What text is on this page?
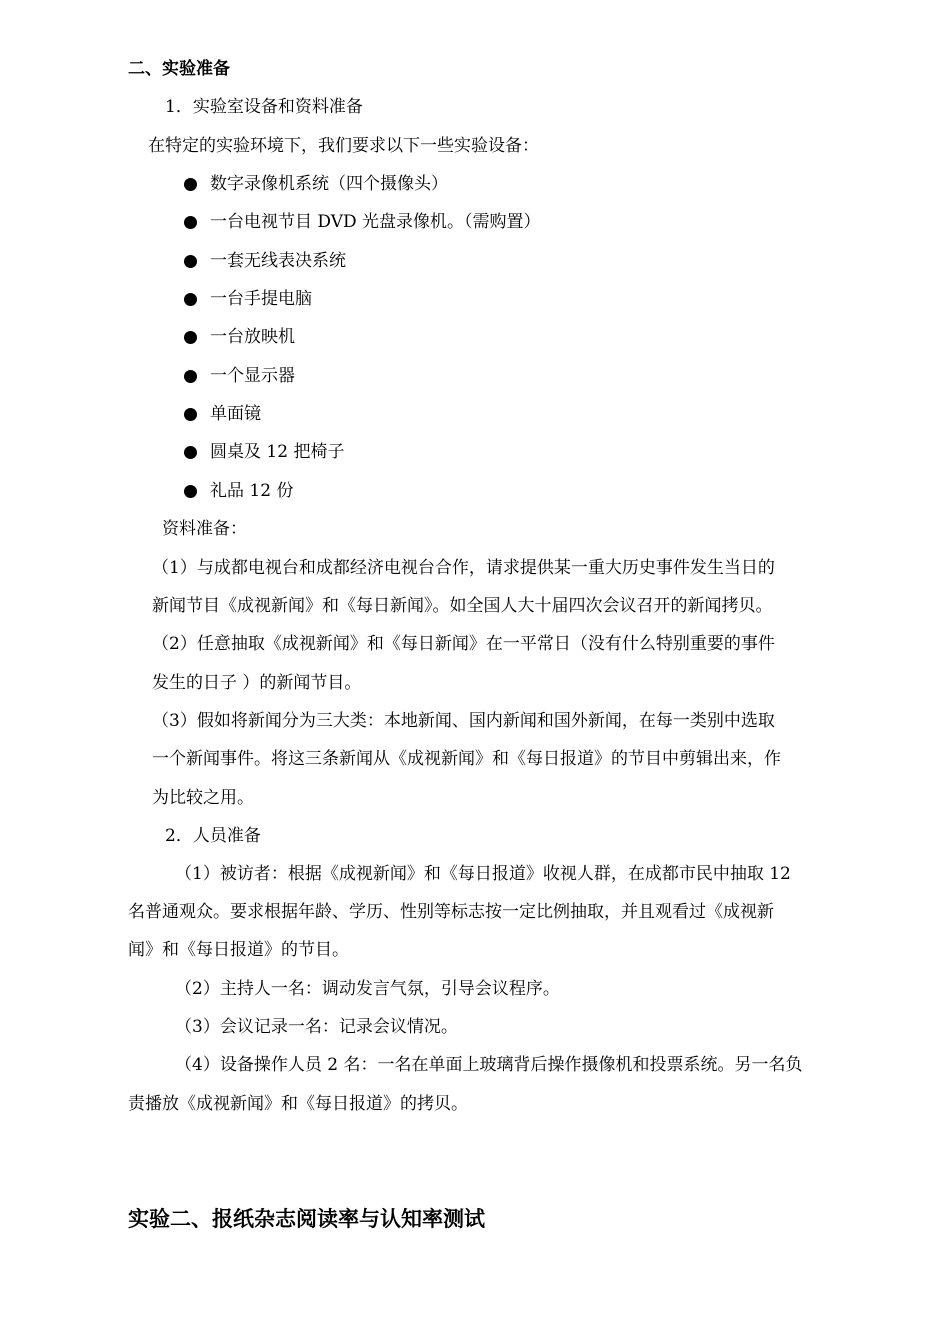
二、实验准备
1．实验室设备和资料准备
在特定的实验环境下，我们要求以下一些实验设备：
数字录像机系统（四个摄像头）
一台电视节目 DVD 光盘录像机。（需购置）
一套无线表决系统
一台手提电脑
一台放映机
一个显示器
单面镜
圆桌及 12 把椅子
礼品 12 份
资料准备：
（1）与成都电视台和成都经济电视台合作，请求提供某一重大历史事件发生当日的
新闻节目《成视新闻》和《每日新闻》。如全国人大十届四次会议召开的新闻拷贝。
（2）任意抽取《成视新闻》和《每日新闻》在一平常日（没有什么特别重要的事件
发生的日子 ）的新闻节目。
（3）假如将新闻分为三大类：本地新闻、国内新闻和国外新闻，在每一类别中选取
一个新闻事件。将这三条新闻从《成视新闻》和《每日报道》的节目中剪辑出来，作
为比较之用。
2．人员准备
（1）被访者：根据《成视新闻》和《每日报道》收视人群，在成都市民中抽取 12
名普通观众。要求根据年龄、学历、性别等标志按一定比例抽取，并且观看过《成视新
闻》和《每日报道》的节目。
（2）主持人一名：调动发言气氛，引导会议程序。
（3）会议记录一名：记录会议情况。
（4）设备操作人员 2 名：一名在单面上玻璃背后操作摄像机和投票系统。另一名负
责播放《成视新闻》和《每日报道》的拷贝。
实验二、报纸杂志阅读率与认知率测试
